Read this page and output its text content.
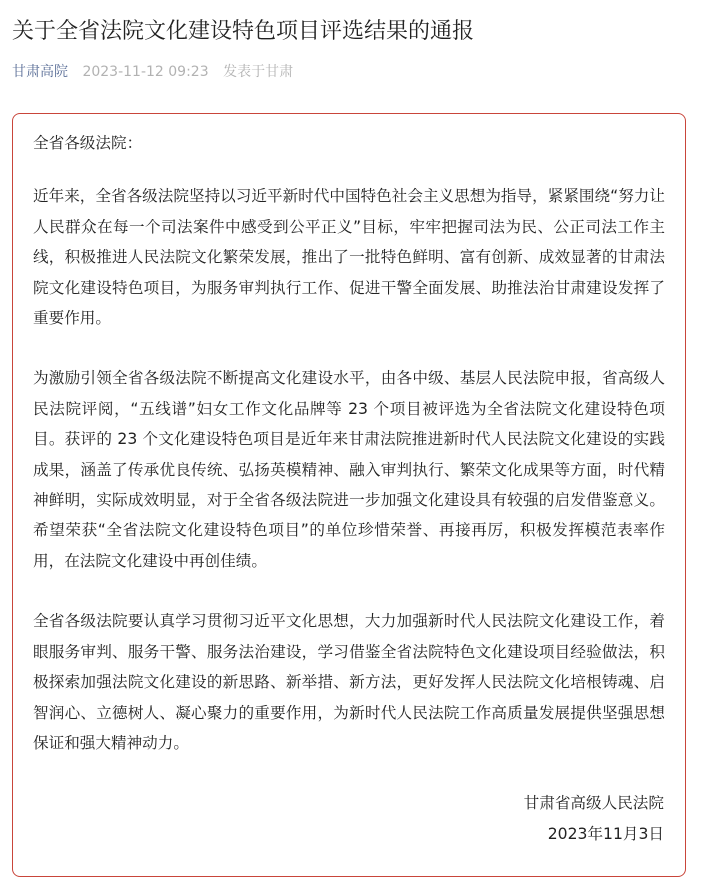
关于全省法院文化建设特色项目评选结果的通报
甘肃高院 2023-11-12 09:23 发表于甘肃

全省各级法院：

近年来，全省各级法院坚持以习近平新时代中国特色社会主义思想为指导，紧紧围绕“努力让人民群众在每一个司法案件中感受到公平正义”目标，牢牢把握司法为民、公正司法工作主线，积极推进人民法院文化繁荣发展，推出了一批特色鲜明、富有创新、成效显著的甘肃法院文化建设特色项目，为服务审判执行工作、促进干警全面发展、助推法治甘肃建设发挥了重要作用。

为激励引领全省各级法院不断提高文化建设水平，由各中级、基层人民法院申报，省高级人民法院评阅，“五线谱”妇女工作文化品牌等 23 个项目被评选为全省法院文化建设特色项目。获评的 23 个文化建设特色项目是近年来甘肃法院推进新时代人民法院文化建设的实践成果，涵盖了传承优良传统、弘扬英模精神、融入审判执行、繁荣文化成果等方面，时代精神鲜明，实际成效明显，对于全省各级法院进一步加强文化建设具有较强的启发借鉴意义。希望荣获“全省法院文化建设特色项目”的单位珍惜荣誉、再接再厉，积极发挥模范表率作用，在法院文化建设中再创佳绩。

全省各级法院要认真学习贯彻习近平文化思想，大力加强新时代人民法院文化建设工作，着眼服务审判、服务干警、服务法治建设，学习借鉴全省法院特色文化建设项目经验做法，积极探索加强法院文化建设的新思路、新举措、新方法，更好发挥人民法院文化培根铸魂、启智润心、立德树人、凝心聚力的重要作用，为新时代人民法院工作高质量发展提供坚强思想保证和强大精神动力。

甘肃省高级人民法院

2023年11月3日
